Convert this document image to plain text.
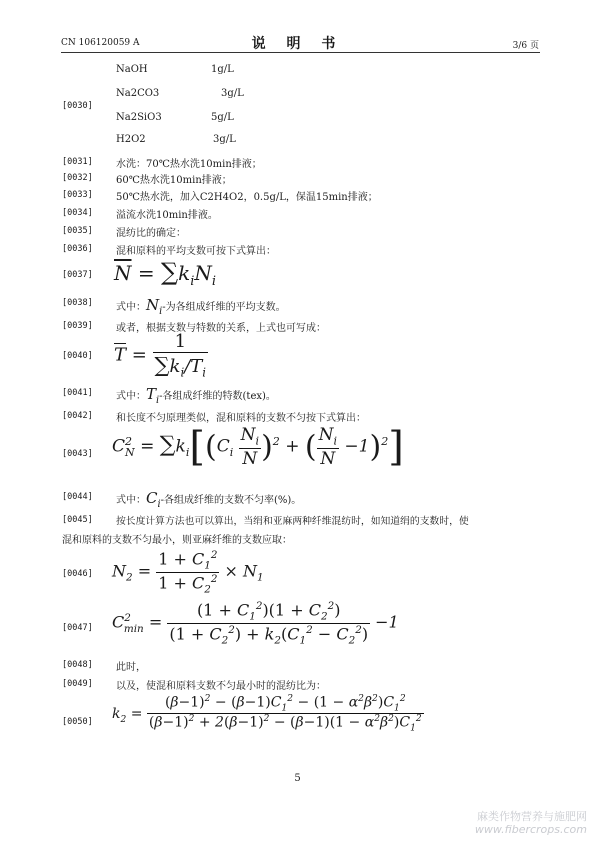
CN 106120059 A	说 明 书	3/6 页
NaOH	1g/L
Na2CO3	3g/L
[0030]
Na2SiO3	5g/L
H2O2	3g/L
[0031] 水洗：70℃热水洗10min排液；
[0032] 60℃热水洗10min排液；
[0033] 50℃热水洗，加入C2H4O2，0.5g/L，保温15min排液；
[0034] 溢流水洗10min排液。
[0035] 混纺比的确定：
[0036] 混和原料的平均支数可按下式算出：
[0037] $\overline{N} = \sum k_iN_i$
[0038] 式中：$N_i-$为各组成纤维的平均支数。
[0039] 或者，根据支数与特数的关系，上式也可写成：
[0040] $\overline{T} = \frac{1}{\sum k_i/T_i}$
[0041] 式中：$T_i-$各组成纤维的特数(tex)。
[0042] 和长度不匀原理类似，混和原料的支数不匀按下式算出：
[0043] $C^2_N = \sum k_i[(C_i \frac{N_i}{N} )^2$ + ( $\frac{N_i}{N} -1)^2$]
[0044] 式中：$C_i-$各组成纤维的支数不匀率(%)。
[0045] 按长度计算方法也可以算出，当绢和亚麻两种纤维混纺时，如知道绢的支数时，使
混和原料的支数不匀最小，则亚麻纤维的支数应取：
[0046] $N_2 = \frac{1 + C_1^2}{1 + C_2^2} \times N_1$
[0047] $C^2_{min} = \frac{(1 + C_1^2)(1 + C_2^2)}{(1 + C_2^2) + k_2(C_1^2 - C_2^2)} -1$
[0048] 此时，
[0049] 以及，使混和原料支数不匀最小时的混纺比为：
[0050]
$k_2 = \frac{(\beta-1)^2 - (\beta-1)C_1^2 - (1 - \alpha^2\beta^2)C_1^2}{(\beta-1)^2 + 2(\beta-1)^2 - (\beta-1)(1 - \alpha^2\beta^2)C_1^2}$
5
麻类作物营养与施肥网
www.fibercrops.com
